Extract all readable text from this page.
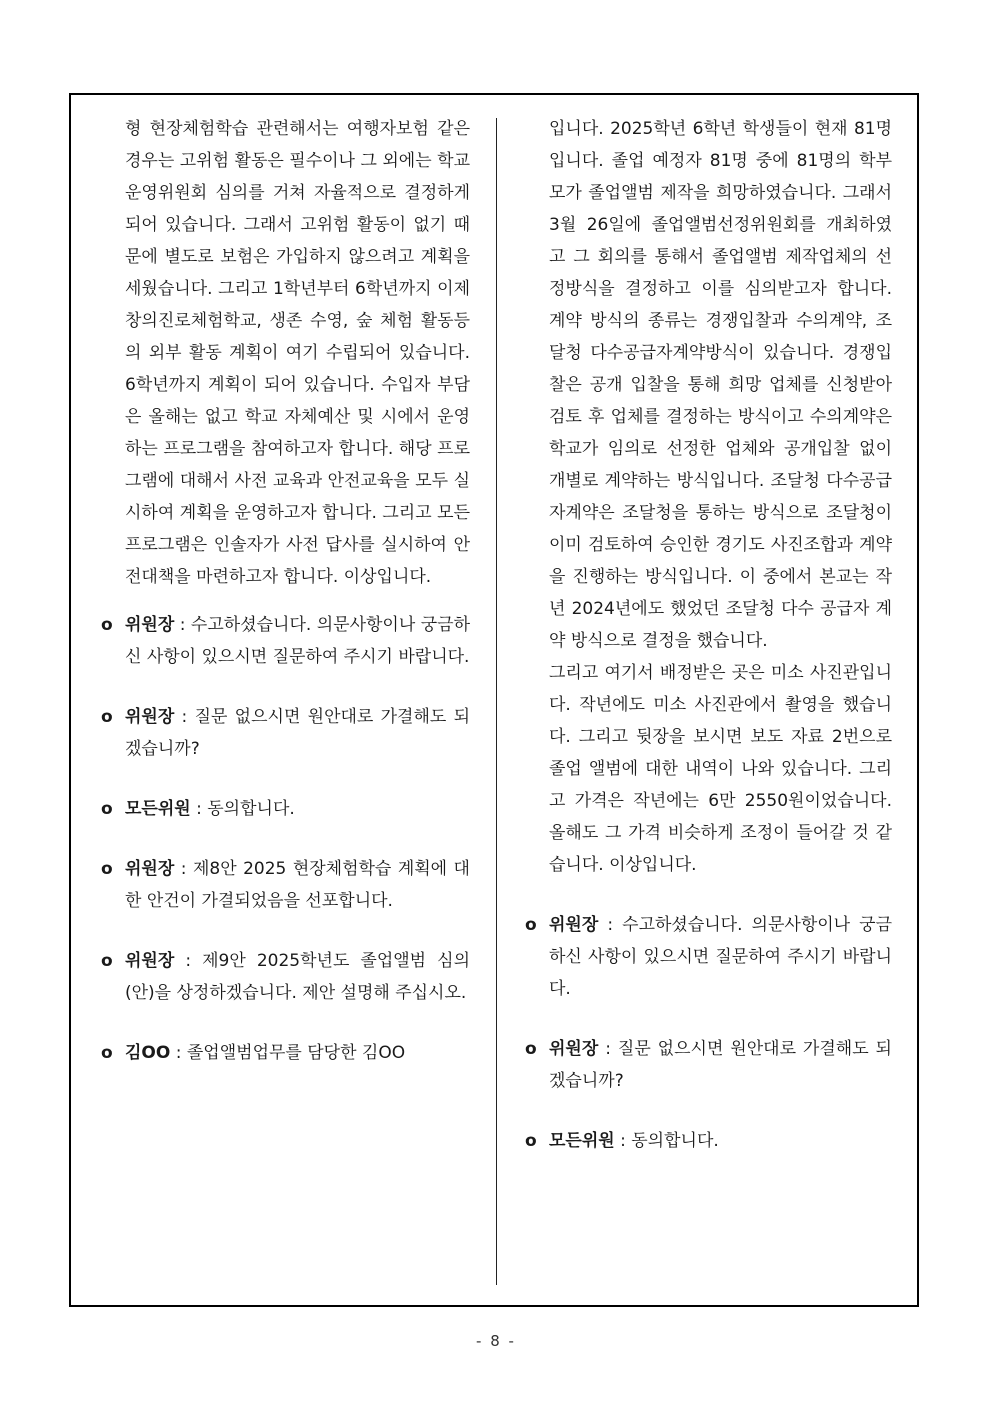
형 현장체험학습 관련해서는 여행자보험 같은 경우는 고위험 활동은 필수이나 그 외에는 학교운영위원회 심의를 거쳐 자율적으로 결정하게 되어 있습니다. 그래서 고위험 활동이 없기 때문에 별도로 보험은 가입하지 않으려고 계획을 세웠습니다. 그리고 1학년부터 6학년까지 이제 창의진로체험학교, 생존 수영, 숲 체험 활동등의 외부 활동 계획이 여기 수립되어 있습니다. 6학년까지 계획이 되어 있습니다. 수입자 부담은 올해는 없고 학교 자체예산 및 시에서 운영하는 프로그램을 참여하고자 합니다. 해당 프로그램에 대해서 사전 교육과 안전교육을 모두 실시하여 계획을 운영하고자 합니다. 그리고 모든 프로그램은 인솔자가 사전 답사를 실시하여 안전대책을 마련하고자 합니다. 이상입니다.

o 위원장 : 수고하셨습니다. 의문사항이나 궁금하신 사항이 있으시면 질문하여 주시기 바랍니다.

o 위원장 : 질문 없으시면 원안대로 가결해도 되겠습니까?

o 모든위원 : 동의합니다.

o 위원장 : 제8안 2025 현장체험학습 계획에 대한 안건이 가결되었음을 선포합니다.

o 위원장 : 제9안 2025학년도 졸업앨범 심의(안)을 상정하겠습니다. 제안 설명해 주십시오.

o 김OO : 졸업앨범업무를 담당한 김OO

입니다. 2025학년 6학년 학생들이 현재 81명입니다. 졸업 예정자 81명 중에 81명의 학부모가 졸업앨범 제작을 희망하였습니다. 그래서 3월 26일에 졸업앨범선정위원회를 개최하였고 그 회의를 통해서 졸업앨범 제작업체의 선정방식을 결정하고 이를 심의받고자 합니다. 계약 방식의 종류는 경쟁입찰과 수의계약, 조달청 다수공급자계약방식이 있습니다. 경쟁입찰은 공개 입찰을 통해 희망 업체를 신청받아 검토 후 업체를 결정하는 방식이고 수의계약은 학교가 임의로 선정한 업체와 공개입찰 없이 개별로 계약하는 방식입니다. 조달청 다수공급자계약은 조달청을 통하는 방식으로 조달청이 이미 검토하여 승인한 경기도 사진조합과 계약을 진행하는 방식입니다. 이 중에서 본교는 작년 2024년에도 했었던 조달청 다수 공급자 계약 방식으로 결정을 했습니다.

그리고 여기서 배정받은 곳은 미소 사진관입니다. 작년에도 미소 사진관에서 촬영을 했습니다. 그리고 뒷장을 보시면 보도 자료 2번으로 졸업 앨범에 대한 내역이 나와 있습니다. 그리고 가격은 작년에는 6만 2550원이었습니다. 올해도 그 가격 비슷하게 조정이 들어갈 것 같습니다. 이상입니다.

o 위원장 : 수고하셨습니다. 의문사항이나 궁금하신 사항이 있으시면 질문하여 주시기 바랍니다.

o 위원장 : 질문 없으시면 원안대로 가결해도 되겠습니까?

o 모든위원 : 동의합니다.

- 8 -
